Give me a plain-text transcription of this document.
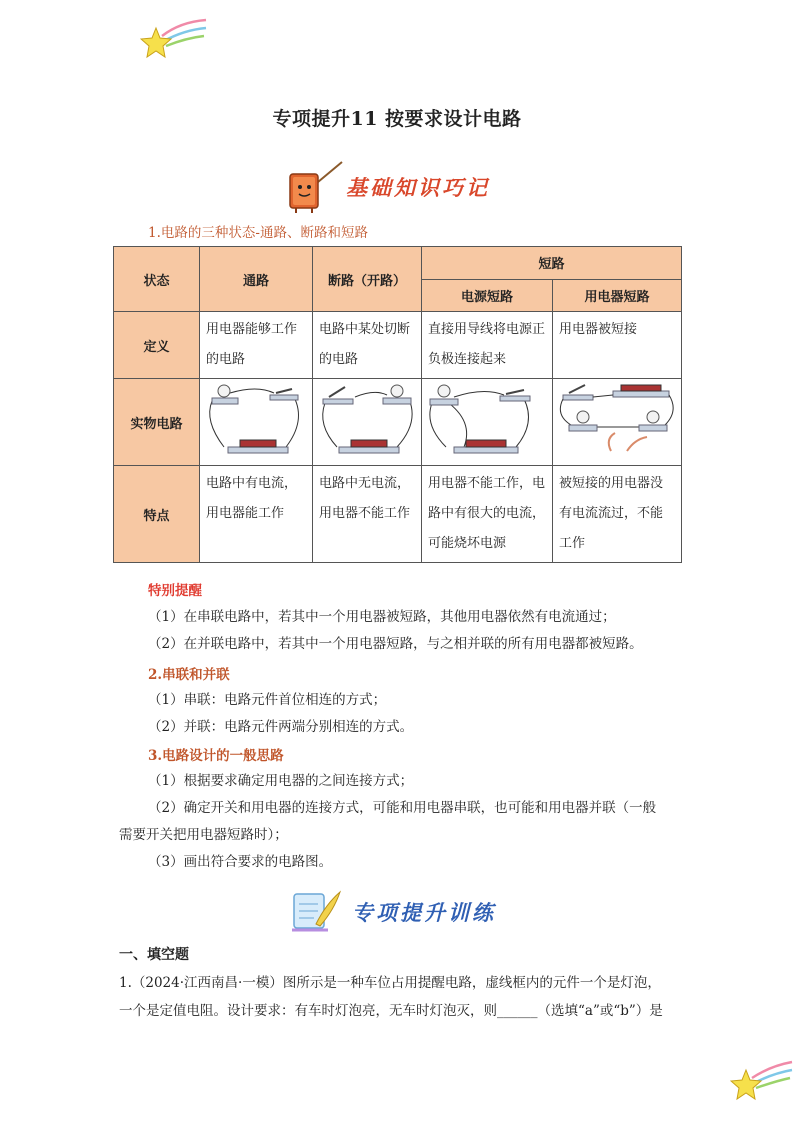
专项提升11 按要求设计电路
基础知识巧记
1.电路的三种状态-通路、断路和短路
状态	通路	断路（开路）	短路	
			电源短路	用电器短路
定义	用电器能够工作的电路	电路中某处切断的电路	直接用导线将电源正负极连接起来	用电器被短接
实物电路				
特点	电路中有电流，用电器能工作	电路中无电流，用电器不能工作	用电器不能工作，电路中有很大的电流，可能烧坏电源	被短接的用电器没有电流流过，不能工作
特别提醒
（1）在串联电路中，若其中一个用电器被短路，其他用电器依然有电流通过；
（2）在并联电路中，若其中一个用电器短路，与之相并联的所有用电器都被短路。
2.串联和并联
（1）串联：电路元件首位相连的方式；
（2）并联：电路元件两端分别相连的方式。
3.电路设计的一般思路
（1）根据要求确定用电器的之间连接方式；
（2）确定开关和用电器的连接方式，可能和用电器串联，也可能和用电器并联（一般
需要开关把用电器短路时）；
（3）画出符合要求的电路图。
专项提升训练
一、填空题
1.（2024·江西南昌·一模）图所示是一种车位占用提醒电路，虚线框内的元件一个是灯泡，
一个是定值电阻。设计要求：有车时灯泡亮，无车时灯泡灭，则______（选填“a”或“b”）是
